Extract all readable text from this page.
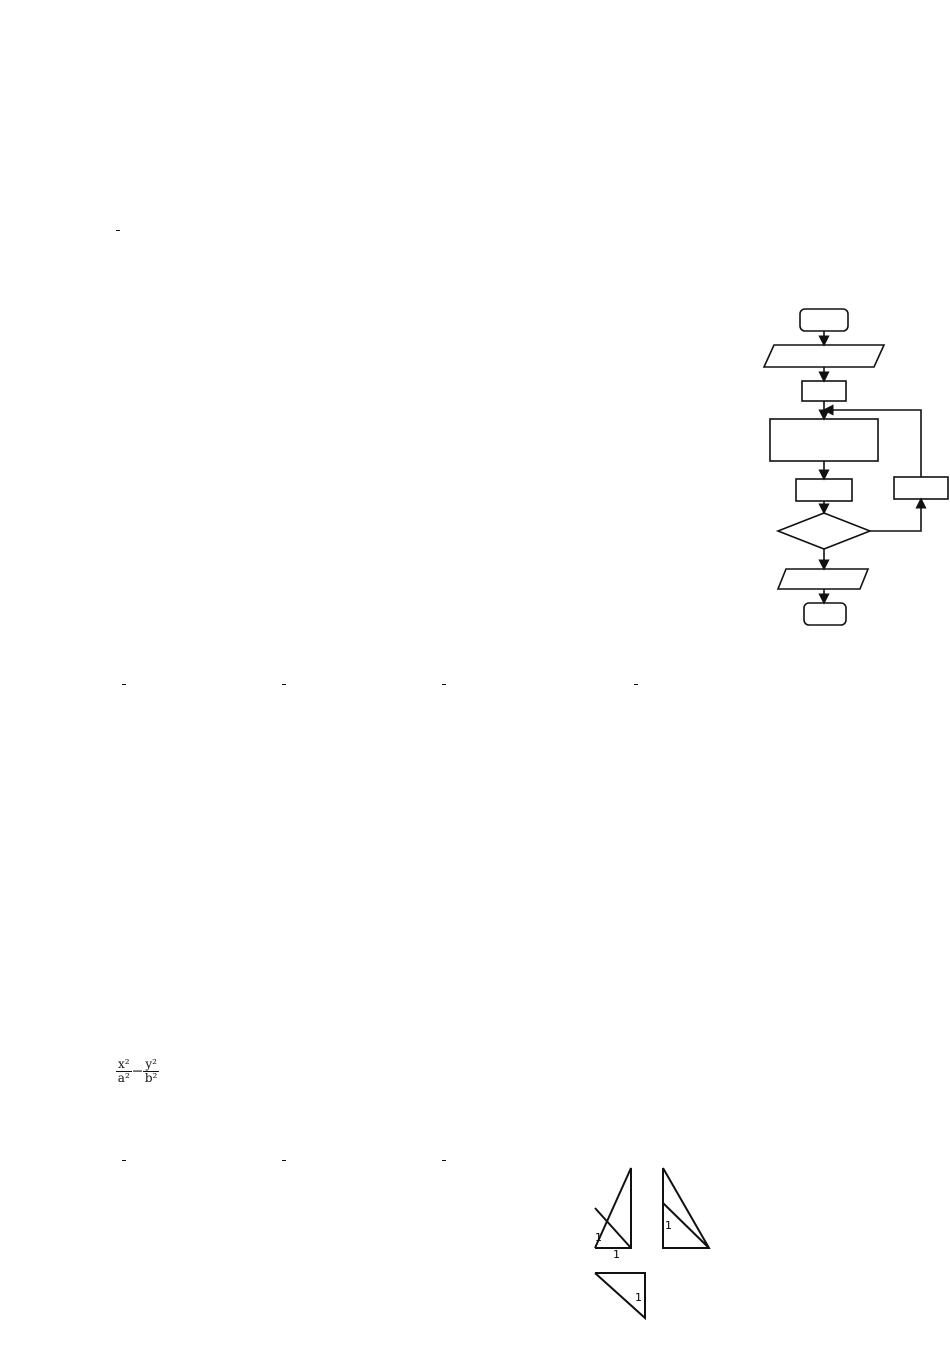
$\frac{\text{x²}}{\text{a²}} - \frac{\text{y²}}{\text{b²}}$
1
1
1
1
